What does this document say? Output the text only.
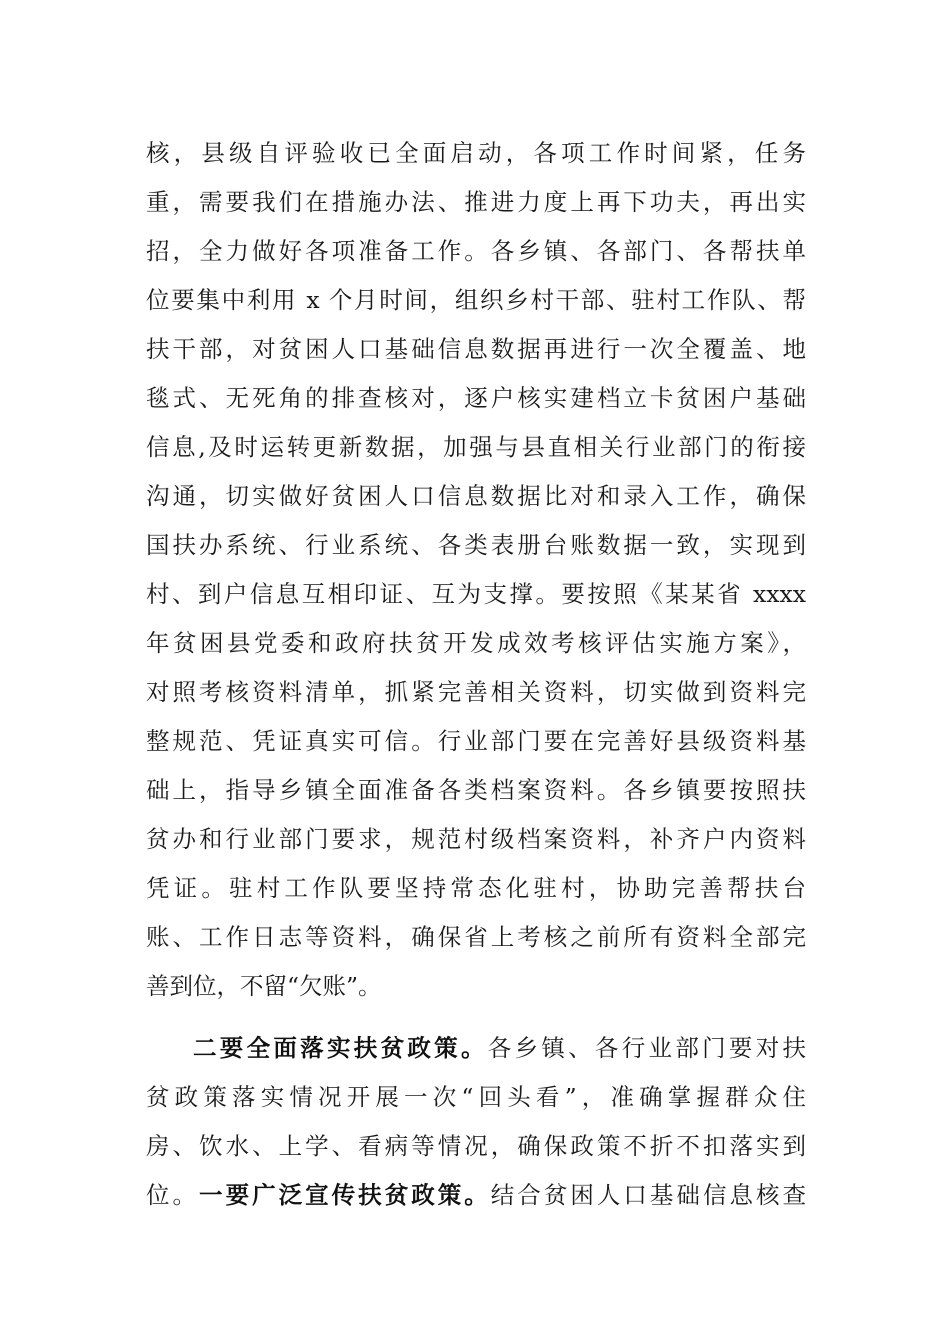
核，县级自评验收已全面启动，各项工作时间紧，任务
重，需要我们在措施办法、推进力度上再下功夫，再出实
招，全力做好各项准备工作。各乡镇、各部门、各帮扶单
位要集中利用 x 个月时间，组织乡村干部、驻村工作队、帮
扶干部，对贫困人口基础信息数据再进行一次全覆盖、地
毯式、无死角的排查核对，逐户核实建档立卡贫困户基础
信息,及时运转更新数据，加强与县直相关行业部门的衔接
沟通，切实做好贫困人口信息数据比对和录入工作，确保
国扶办系统、行业系统、各类表册台账数据一致，实现到
村、到户信息互相印证、互为支撑。要按照《某某省 xxxx
年贫困县党委和政府扶贫开发成效考核评估实施方案》，
对照考核资料清单，抓紧完善相关资料，切实做到资料完
整规范、凭证真实可信。行业部门要在完善好县级资料基
础上，指导乡镇全面准备各类档案资料。各乡镇要按照扶
贫办和行业部门要求，规范村级档案资料，补齐户内资料
凭证。驻村工作队要坚持常态化驻村，协助完善帮扶台
账、工作日志等资料，确保省上考核之前所有资料全部完
善到位，不留“欠账”。
二要全面落实扶贫政策。各乡镇、各行业部门要对扶
贫政策落实情况开展一次“回头看”，准确掌握群众住
房、饮水、上学、看病等情况，确保政策不折不扣落实到
位。一要广泛宣传扶贫政策。结合贫困人口基础信息核查
